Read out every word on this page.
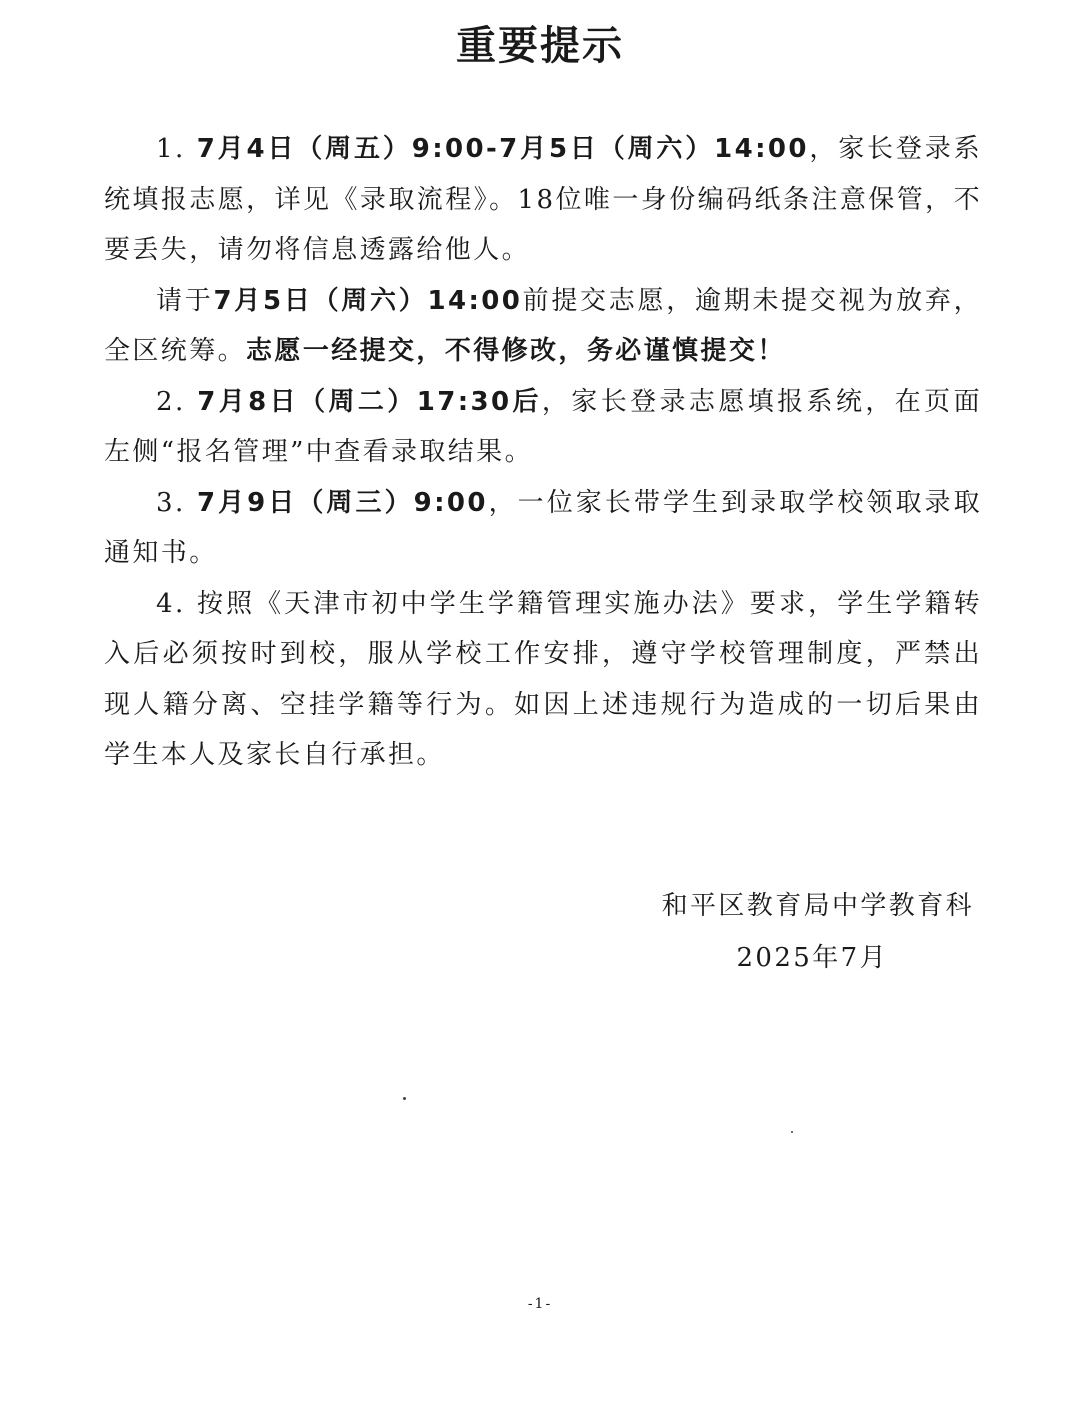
重要提示

1. 7月4日（周五）9:00-7月5日（周六）14:00，家长登录系统填报志愿，详见《录取流程》。18位唯一身份编码纸条注意保管，不要丢失，请勿将信息透露给他人。

请于7月5日（周六）14:00前提交志愿，逾期未提交视为放弃，全区统筹。志愿一经提交，不得修改，务必谨慎提交！

2. 7月8日（周二）17:30后，家长登录志愿填报系统，在页面左侧“报名管理”中查看录取结果。

3. 7月9日（周三）9:00，一位家长带学生到录取学校领取录取通知书。

4. 按照《天津市初中学生学籍管理实施办法》要求，学生学籍转入后必须按时到校，服从学校工作安排，遵守学校管理制度，严禁出现人籍分离、空挂学籍等行为。如因上述违规行为造成的一切后果由学生本人及家长自行承担。

和平区教育局中学教育科
2025年7月
-1-
